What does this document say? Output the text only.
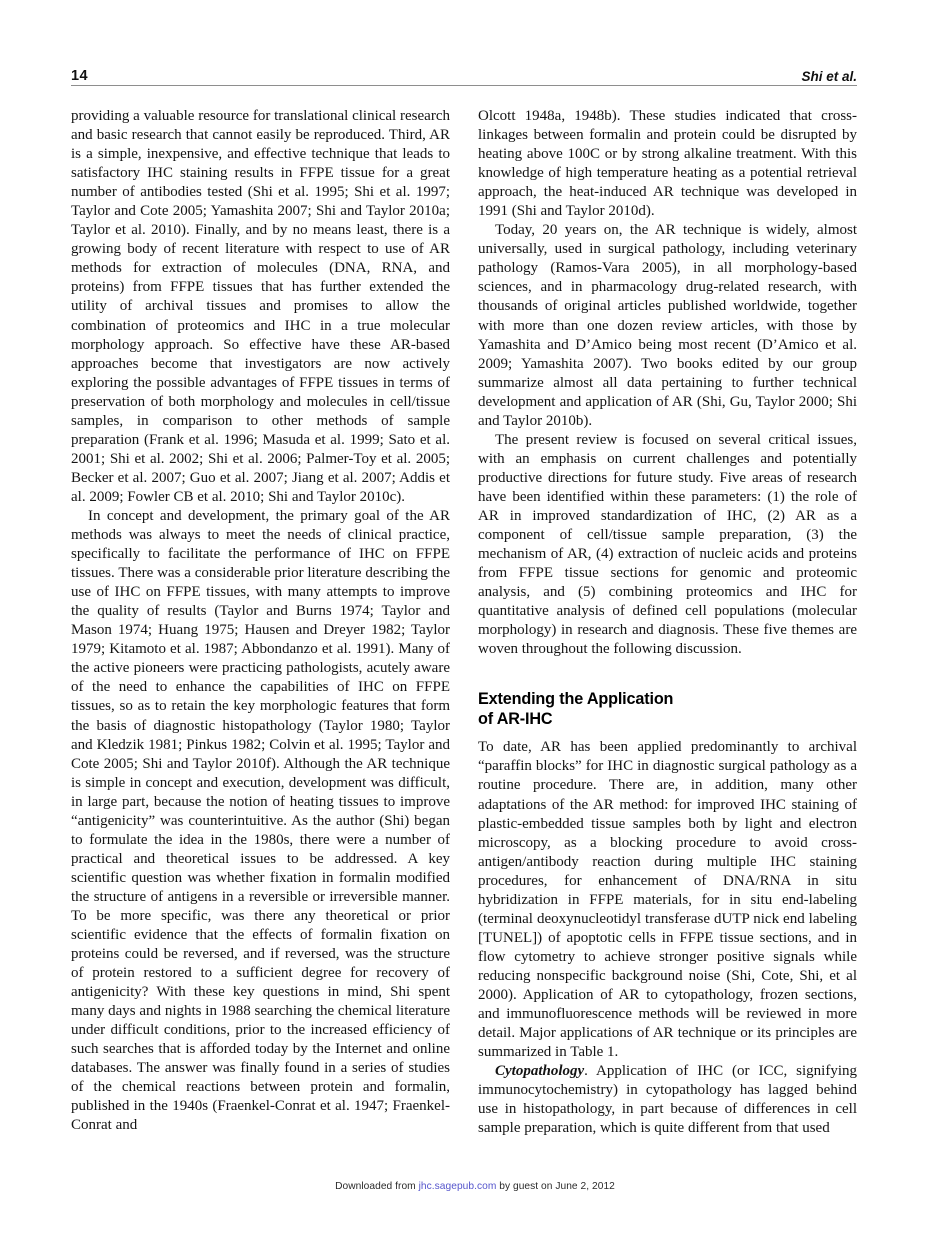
14	Shi et al.

providing a valuable resource for translational clinical research and basic research that cannot easily be reproduced. Third, AR is a simple, inexpensive, and effective technique that leads to satisfactory IHC staining results in FFPE tissue for a great number of antibodies tested (Shi et al. 1995; Shi et al. 1997; Taylor and Cote 2005; Yamashita 2007; Shi and Taylor 2010a; Taylor et al. 2010). Finally, and by no means least, there is a growing body of recent literature with respect to use of AR methods for extraction of molecules (DNA, RNA, and proteins) from FFPE tissues that has further extended the utility of archival tissues and promises to allow the combination of proteomics and IHC in a true molecular morphology approach. So effective have these AR-based approaches become that investigators are now actively exploring the possible advantages of FFPE tissues in terms of preservation of both morphology and molecules in cell/tissue samples, in comparison to other methods of sample preparation (Frank et al. 1996; Masuda et al. 1999; Sato et al. 2001; Shi et al. 2002; Shi et al. 2006; Palmer-Toy et al. 2005; Becker et al. 2007; Guo et al. 2007; Jiang et al. 2007; Addis et al. 2009; Fowler CB et al. 2010; Shi and Taylor 2010c).

In concept and development, the primary goal of the AR methods was always to meet the needs of clinical practice, specifically to facilitate the performance of IHC on FFPE tissues. There was a considerable prior literature describing the use of IHC on FFPE tissues, with many attempts to improve the quality of results (Taylor and Burns 1974; Taylor and Mason 1974; Huang 1975; Hausen and Dreyer 1982; Taylor 1979; Kitamoto et al. 1987; Abbondanzo et al. 1991). Many of the active pioneers were practicing pathologists, acutely aware of the need to enhance the capabilities of IHC on FFPE tissues, so as to retain the key morphologic features that form the basis of diagnostic histopathology (Taylor 1980; Taylor and Kledzik 1981; Pinkus 1982; Colvin et al. 1995; Taylor and Cote 2005; Shi and Taylor 2010f). Although the AR technique is simple in concept and execution, development was difficult, in large part, because the notion of heating tissues to improve “antigenicity” was counterintuitive. As the author (Shi) began to formulate the idea in the 1980s, there were a number of practical and theoretical issues to be addressed. A key scientific question was whether fixation in formalin modified the structure of antigens in a reversible or irreversible manner. To be more specific, was there any theoretical or prior scientific evidence that the effects of formalin fixation on proteins could be reversed, and if reversed, was the structure of protein restored to a sufficient degree for recovery of antigenicity? With these key questions in mind, Shi spent many days and nights in 1988 searching the chemical literature under difficult conditions, prior to the increased efficiency of such searches that is afforded today by the Internet and online databases. The answer was finally found in a series of studies of the chemical reactions between protein and formalin, published in the 1940s (Fraenkel-Conrat et al. 1947; Fraenkel-Conrat and

Olcott 1948a, 1948b). These studies indicated that cross-linkages between formalin and protein could be disrupted by heating above 100C or by strong alkaline treatment. With this knowledge of high temperature heating as a potential retrieval approach, the heat-induced AR technique was developed in 1991 (Shi and Taylor 2010d).

Today, 20 years on, the AR technique is widely, almost universally, used in surgical pathology, including veterinary pathology (Ramos-Vara 2005), in all morphology-based sciences, and in pharmacology drug-related research, with thousands of original articles published worldwide, together with more than one dozen review articles, with those by Yamashita and D’Amico being most recent (D’Amico et al. 2009; Yamashita 2007). Two books edited by our group summarize almost all data pertaining to further technical development and application of AR (Shi, Gu, Taylor 2000; Shi and Taylor 2010b).

The present review is focused on several critical issues, with an emphasis on current challenges and potentially productive directions for future study. Five areas of research have been identified within these parameters: (1) the role of AR in improved standardization of IHC, (2) AR as a component of cell/tissue sample preparation, (3) the mechanism of AR, (4) extraction of nucleic acids and proteins from FFPE tissue sections for genomic and proteomic analysis, and (5) combining proteomics and IHC for quantitative analysis of defined cell populations (molecular morphology) in research and diagnosis. These five themes are woven throughout the following discussion.

Extending the Application
of AR-IHC

To date, AR has been applied predominantly to archival “paraffin blocks” for IHC in diagnostic surgical pathology as a routine procedure. There are, in addition, many other adaptations of the AR method: for improved IHC staining of plastic-embedded tissue samples both by light and electron microscopy, as a blocking procedure to avoid cross-antigen/antibody reaction during multiple IHC staining procedures, for enhancement of DNA/RNA in situ hybridization in FFPE materials, for in situ end-labeling (terminal deoxynucleotidyl transferase dUTP nick end labeling [TUNEL]) of apoptotic cells in FFPE tissue sections, and in flow cytometry to achieve stronger positive signals while reducing nonspecific background noise (Shi, Cote, Shi, et al 2000). Application of AR to cytopathology, frozen sections, and immunofluorescence methods will be reviewed in more detail. Major applications of AR technique or its principles are summarized in Table 1.

Cytopathology. Application of IHC (or ICC, signifying immunocytochemistry) in cytopathology has lagged behind use in histopathology, in part because of differences in cell sample preparation, which is quite different from that used

Downloaded from jhc.sagepub.com by guest on June 2, 2012
